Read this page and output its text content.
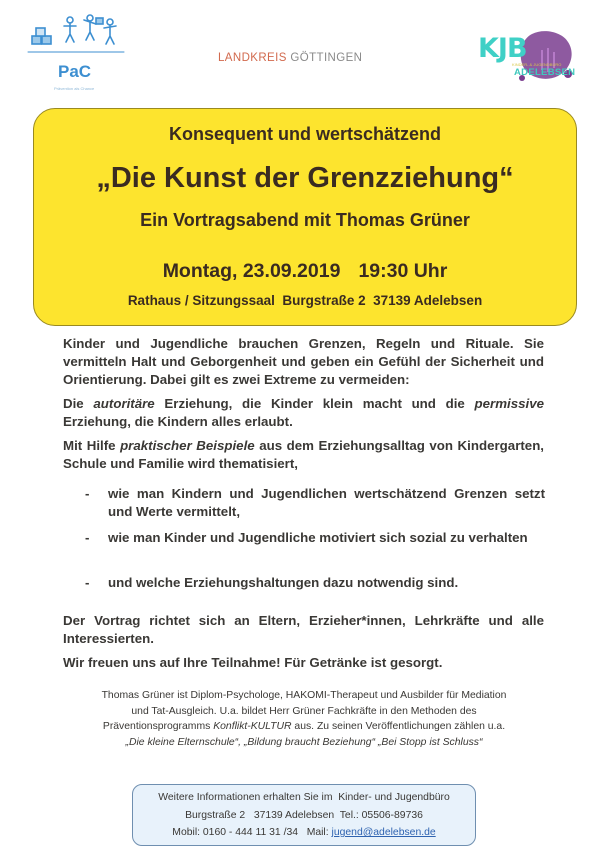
PaC
Prävention als Chance
LANDKREIS GÖTTINGEN	KJB
KINDER- & JUGENDBÜRO
ADELEBSEN
Konsequent und wertschätzend
„Die Kunst der Grenzziehung“
Ein Vortragsabend mit Thomas Grüner
Montag, 23.09.2019 19:30 Uhr
Rathaus / Sitzungssaal  Burgstraße 2  37139 Adelebsen
Kinder und Jugendliche brauchen Grenzen, Regeln und Rituale. Sie vermitteln Halt und Geborgenheit und geben ein Gefühl der Sicherheit und Orientierung. Dabei gilt es zwei Extreme zu vermeiden:
Die autoritäre Erziehung, die Kinder klein macht und die permissive Erziehung, die Kindern alles erlaubt.
Mit Hilfe praktischer Beispiele aus dem Erziehungsalltag von Kindergarten, Schule und Familie wird thematisiert,
- wie man Kindern und Jugendlichen wertschätzend Grenzen setzt und Werte vermittelt,
- wie man Kinder und Jugendliche motiviert sich sozial zu verhalten
- und welche Erziehungshaltungen dazu notwendig sind.
Der Vortrag richtet sich an Eltern, Erzieher*innen, Lehrkräfte und alle Interessierten.
Wir freuen uns auf Ihre Teilnahme! Für Getränke ist gesorgt.
Thomas Grüner ist Diplom-Psychologe, HAKOMI-Therapeut und Ausbilder für Mediation
und Tat-Ausgleich. U.a. bildet Herr Grüner Fachkräfte in den Methoden des
Präventionsprogramms Konflikt-KULTUR aus. Zu seinen Veröffentlichungen zählen u.a.
„Die kleine Elternschule“, „Bildung braucht Beziehung“ „Bei Stopp ist Schluss“
Weitere Informationen erhalten Sie im  Kinder- und Jugendbüro
Burgstraße 2   37139 Adelebsen  Tel.: 05506-89736
Mobil: 0160 - 444 11 31 /34   Mail: jugend@adelebsen.de
